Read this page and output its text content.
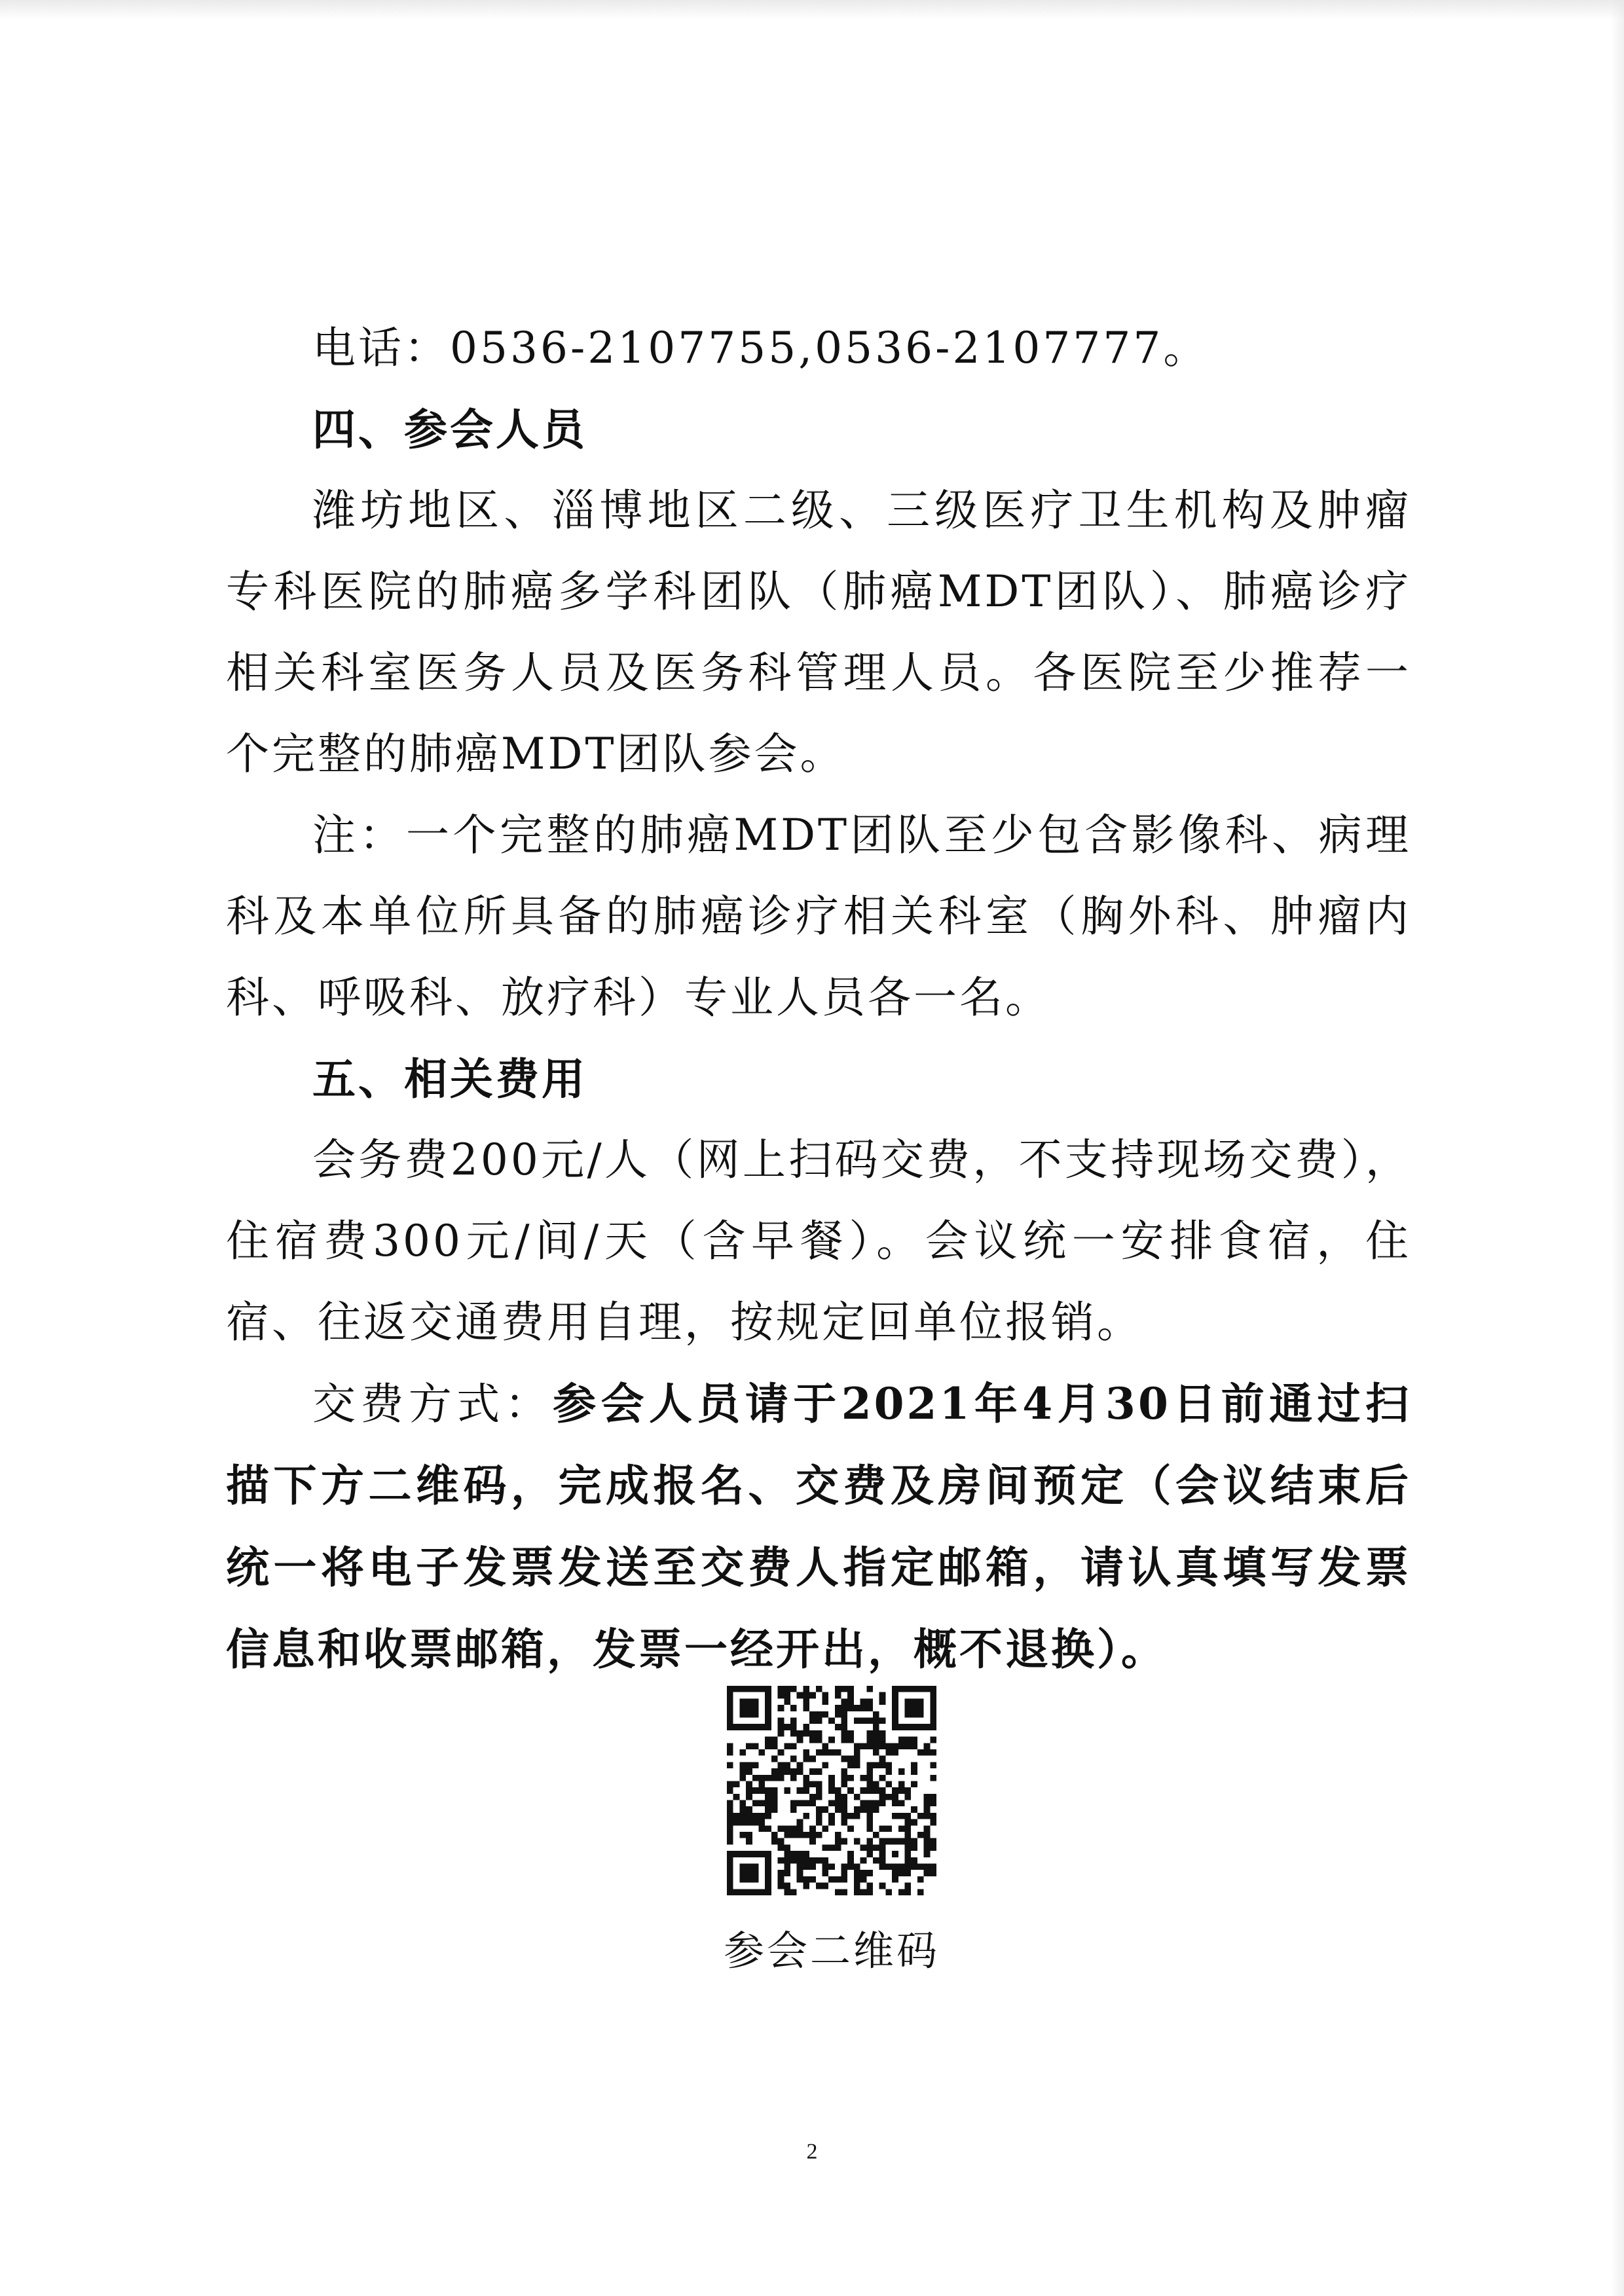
电话：0536-2107755,0536-2107777。

四、参会人员

潍坊地区、淄博地区二级、三级医疗卫生机构及肿瘤专科医院的肺癌多学科团队（肺癌MDT团队）、肺癌诊疗相关科室医务人员及医务科管理人员。各医院至少推荐一个完整的肺癌MDT团队参会。

注：一个完整的肺癌MDT团队至少包含影像科、病理科及本单位所具备的肺癌诊疗相关科室（胸外科、肿瘤内科、呼吸科、放疗科）专业人员各一名。

五、相关费用

会务费200元/人（网上扫码交费，不支持现场交费），住宿费300元/间/天（含早餐）。会议统一安排食宿，住宿、往返交通费用自理，按规定回单位报销。

交费方式：参会人员请于2021年4月30日前通过扫描下方二维码，完成报名、交费及房间预定（会议结束后统一将电子发票发送至交费人指定邮箱，请认真填写发票信息和收票邮箱，发票一经开出，概不退换）。

参会二维码
2
